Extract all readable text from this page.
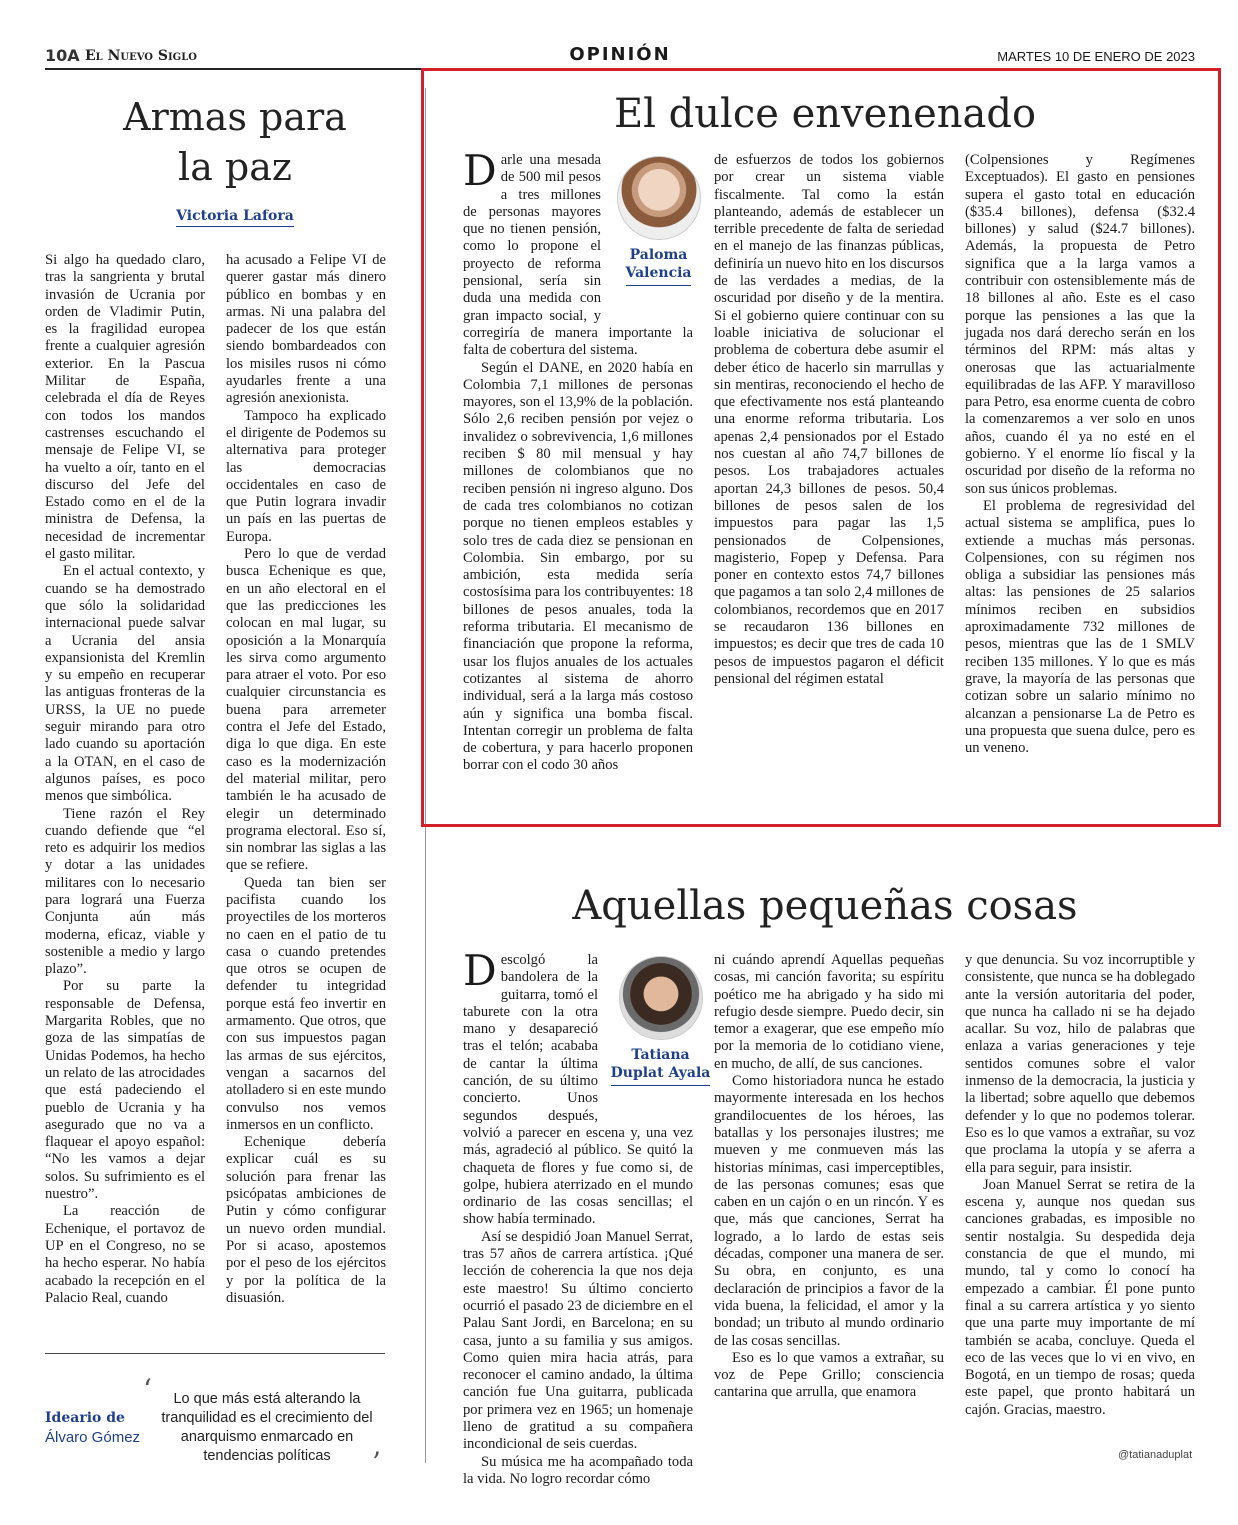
10A El Nuevo Siglo	OPINIÓN	MARTES 10 DE ENERO DE 2023
Armas para
la paz
Victoria Lafora

Si algo ha quedado claro, tras la sangrienta y brutal invasión de Ucrania por orden de Vladimir Putin, es la fragilidad europea frente a cualquier agresión exterior. En la Pascua Militar de España, celebrada el día de Reyes con todos los mandos castrenses escuchando el mensaje de Felipe VI, se ha vuelto a oír, tanto en el discurso del Jefe del Estado como en el de la ministra de Defensa, la necesidad de incrementar el gasto militar.

En el actual contexto, y cuando se ha demostrado que sólo la solidaridad internacional puede salvar a Ucrania del ansia expansionista del Kremlin y su empeño en recuperar las antiguas fronteras de la URSS, la UE no puede seguir mirando para otro lado cuando su aportación a la OTAN, en el caso de algunos países, es poco menos que simbólica.

Tiene razón el Rey cuando defiende que “el reto es adquirir los medios y dotar a las unidades militares con lo necesario para logrará una Fuerza Conjunta aún más moderna, eficaz, viable y sostenible a medio y largo plazo”.

Por su parte la responsable de Defensa, Margarita Robles, que no goza de las simpatías de Unidas Podemos, ha hecho un relato de las atrocidades que está padeciendo el pueblo de Ucrania y ha asegurado que no va a flaquear el apoyo español: “No les vamos a dejar solos. Su sufrimiento es el nuestro”.

La reacción de Echenique, el portavoz de UP en el Congreso, no se ha hecho esperar. No había acabado la recepción en el Palacio Real, cuando

ha acusado a Felipe VI de querer gastar más dinero público en bombas y en armas. Ni una palabra del padecer de los que están siendo bombardeados con los misiles rusos ni cómo ayudarles frente a una agresión anexionista.

Tampoco ha explicado el dirigente de Podemos su alternativa para proteger las democracias occidentales en caso de que Putin lograra invadir un país en las puertas de Europa.

Pero lo que de verdad busca Echenique es que, en un año electoral en el que las predicciones les colocan en mal lugar, su oposición a la Monarquía les sirva como argumento para atraer el voto. Por eso cualquier circunstancia es buena para arremeter contra el Jefe del Estado, diga lo que diga. En este caso es la modernización del material militar, pero también le ha acusado de elegir un determinado programa electoral. Eso sí, sin nombrar las siglas a las que se refiere.

Queda tan bien ser pacifista cuando los proyectiles de los morteros no caen en el patio de tu casa o cuando pretendes que otros se ocupen de defender tu integridad porque está feo invertir en armamento. Que otros, que con sus impuestos pagan las armas de sus ejércitos, vengan a sacarnos del atolladero si en este mundo convulso nos vemos inmersos en un conflicto.

Echenique debería explicar cuál es su solución para frenar las psicópatas ambiciones de Putin y cómo configurar un nuevo orden mundial. Por si acaso, apostemos por el peso de los ejércitos y por la política de la disuasión.

Ideario de
Álvaro Gómez
‘	Lo que más está alterando la tranquilidad es el crecimiento del anarquismo enmarcado en tendencias políticas	’
El dulce envenenado
Paloma
Valencia

Darle una mesada de 500 mil pesos a tres millones de personas mayores que no tienen pensión, como lo propone el proyecto de reforma pensional, sería sin duda una medida con gran impacto social, y corregiría de manera importante la falta de cobertura del sistema.

Según el DANE, en 2020 había en Colombia 7,1 millones de personas mayores, son el 13,9% de la población. Sólo 2,6 reciben pensión por vejez o invalidez o sobrevivencia, 1,6 millones reciben $ 80 mil mensual y hay millones de colombianos que no reciben pensión ni ingreso alguno. Dos de cada tres colombianos no cotizan porque no tienen empleos estables y solo tres de cada diez se pensionan en Colombia. Sin embargo, por su ambición, esta medida sería costosísima para los contribuyentes: 18 billones de pesos anuales, toda la reforma tributaria. El mecanismo de financiación que propone la reforma, usar los flujos anuales de los actuales cotizantes al sistema de ahorro individual, será a la larga más costoso aún y significa una bomba fiscal. Intentan corregir un problema de falta de cobertura, y para hacerlo proponen borrar con el codo 30 años

de esfuerzos de todos los gobiernos por crear un sistema viable fiscalmente. Tal como la están planteando, además de establecer un terrible precedente de falta de seriedad en el manejo de las finanzas públicas, definiría un nuevo hito en los discursos de las verdades a medias, de la oscuridad por diseño y de la mentira. Si el gobierno quiere continuar con su loable iniciativa de solucionar el problema de cobertura debe asumir el deber ético de hacerlo sin marrullas y sin mentiras, reconociendo el hecho de que efectivamente nos está planteando una enorme reforma tributaria. Los apenas 2,4 pensionados por el Estado nos cuestan al año 74,7 billones de pesos. Los trabajadores actuales aportan 24,3 billones de pesos. 50,4 billones de pesos salen de los impuestos para pagar las 1,5 pensionados de Colpensiones, magisterio, Fopep y Defensa. Para poner en contexto estos 74,7 billones que pagamos a tan solo 2,4 millones de colombianos, recordemos que en 2017 se recaudaron 136 billones en impuestos; es decir que tres de cada 10 pesos de impuestos pagaron el déficit pensional del régimen estatal

(Colpensiones y Regímenes Exceptuados). El gasto en pensiones supera el gasto total en educación ($35.4 billones), defensa ($32.4 billones) y salud ($24.7 billones). Además, la propuesta de Petro significa que a la larga vamos a contribuir con ostensiblemente más de 18 billones al año. Este es el caso porque las pensiones a las que la jugada nos dará derecho serán en los términos del RPM: más altas y onerosas que las actuarialmente equilibradas de las AFP. Y maravilloso para Petro, esa enorme cuenta de cobro la comenzaremos a ver solo en unos años, cuando él ya no esté en el gobierno. Y el enorme lío fiscal y la oscuridad por diseño de la reforma no son sus únicos problemas.

El problema de regresividad del actual sistema se amplifica, pues lo extiende a muchas más personas. Colpensiones, con su régimen nos obliga a subsidiar las pensiones más altas: las pensiones de 25 salarios mínimos reciben en subsidios aproximadamente 732 millones de pesos, mientras que las de 1 SMLV reciben 135 millones. Y lo que es más grave, la mayoría de las personas que cotizan sobre un salario mínimo no alcanzan a pensionarse La de Petro es una propuesta que suena dulce, pero es un veneno.

Aquellas pequeñas cosas
Tatiana
Duplat Ayala

Descolgó la bandolera de la guitarra, tomó el taburete con la otra mano y desapareció tras el telón; acababa de cantar la última canción, de su último concierto. Unos segundos después, volvió a parecer en escena y, una vez más, agradeció al público. Se quitó la chaqueta de flores y fue como si, de golpe, hubiera aterrizado en el mundo ordinario de las cosas sencillas; el show había terminado.

Así se despidió Joan Manuel Serrat, tras 57 años de carrera artística. ¡Qué lección de coherencia la que nos deja este maestro! Su último concierto ocurrió el pasado 23 de diciembre en el Palau Sant Jordi, en Barcelona; en su casa, junto a su familia y sus amigos. Como quien mira hacia atrás, para reconocer el camino andado, la última canción fue Una guitarra, publicada por primera vez en 1965; un homenaje lleno de gratitud a su compañera incondicional de seis cuerdas.

Su música me ha acompañado toda la vida. No logro recordar cómo

ni cuándo aprendí Aquellas pequeñas cosas, mi canción favorita; su espíritu poético me ha abrigado y ha sido mi refugio desde siempre. Puedo decir, sin temor a exagerar, que ese empeño mío por la memoria de lo cotidiano viene, en mucho, de allí, de sus canciones.

Como historiadora nunca he estado mayormente interesada en los hechos grandilocuentes de los héroes, las batallas y los personajes ilustres; me mueven y me conmueven más las historias mínimas, casi imperceptibles, de las personas comunes; esas que caben en un cajón o en un rincón. Y es que, más que canciones, Serrat ha logrado, a lo lardo de estas seis décadas, componer una manera de ser. Su obra, en conjunto, es una declaración de principios a favor de la vida buena, la felicidad, el amor y la bondad; un tributo al mundo ordinario de las cosas sencillas.

Eso es lo que vamos a extrañar, su voz de Pepe Grillo; consciencia cantarina que arrulla, que enamora

y que denuncia. Su voz incorruptible y consistente, que nunca se ha doblegado ante la versión autoritaria del poder, que nunca ha callado ni se ha dejado acallar. Su voz, hilo de palabras que enlaza a varias generaciones y teje sentidos comunes sobre el valor inmenso de la democracia, la justicia y la libertad; sobre aquello que debemos defender y lo que no podemos tolerar. Eso es lo que vamos a extrañar, su voz que proclama la utopía y se aferra a ella para seguir, para insistir.

Joan Manuel Serrat se retira de la escena y, aunque nos quedan sus canciones grabadas, es imposible no sentir nostalgia. Su despedida deja constancia de que el mundo, mi mundo, tal y como lo conocí ha empezado a cambiar. Él pone punto final a su carrera artística y yo siento que una parte muy importante de mí también se acaba, concluye. Queda el eco de las veces que lo vi en vivo, en Bogotá, en un tiempo de rosas; queda este papel, que pronto habitará un cajón. Gracias, maestro.

@tatianaduplat
